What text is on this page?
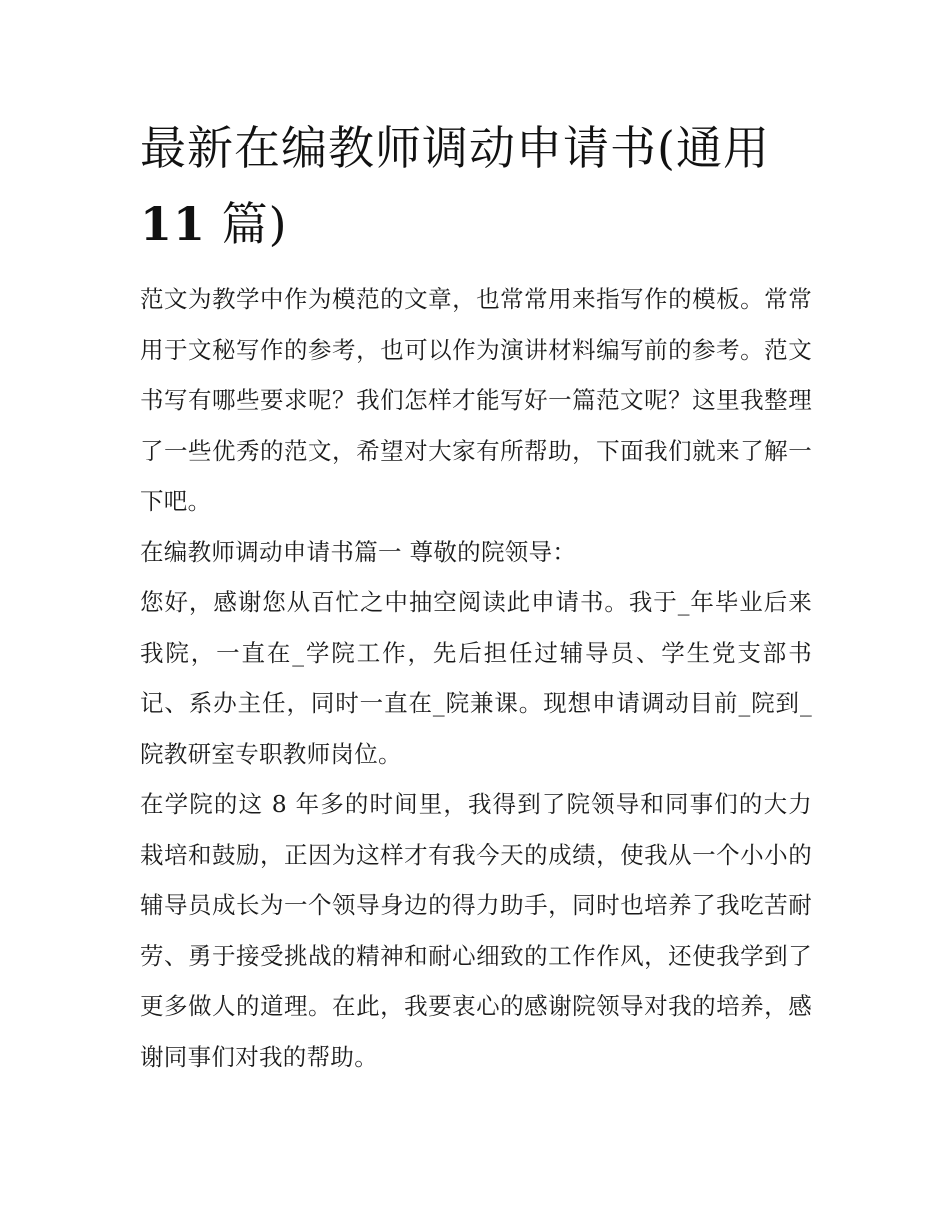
最新在编教师调动申请书(通用
11 篇)

范文为教学中作为模范的文章，也常常用来指写作的模板。常常用于文秘写作的参考，也可以作为演讲材料编写前的参考。范文书写有哪些要求呢？我们怎样才能写好一篇范文呢？这里我整理了一些优秀的范文，希望对大家有所帮助，下面我们就来了解一下吧。

在编教师调动申请书篇一 尊敬的院领导：

您好，感谢您从百忙之中抽空阅读此申请书。我于_年毕业后来我院，一直在_学院工作，先后担任过辅导员、学生党支部书记、系办主任，同时一直在_院兼课。现想申请调动目前_院到_院教研室专职教师岗位。

在学院的这 8 年多的时间里，我得到了院领导和同事们的大力栽培和鼓励，正因为这样才有我今天的成绩，使我从一个小小的辅导员成长为一个领导身边的得力助手，同时也培养了我吃苦耐劳、勇于接受挑战的精神和耐心细致的工作作风，还使我学到了更多做人的道理。在此，我要衷心的感谢院领导对我的培养，感谢同事们对我的帮助。
